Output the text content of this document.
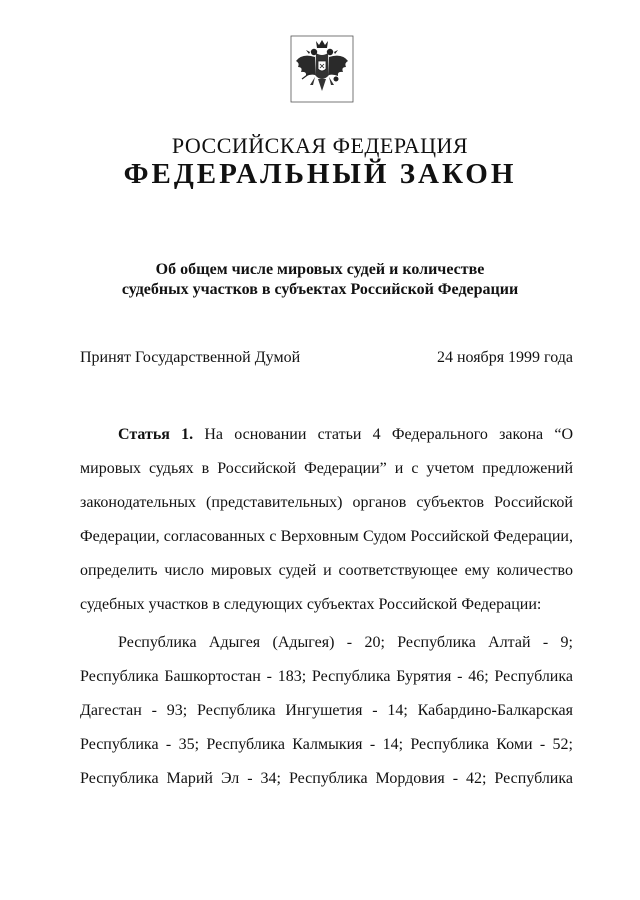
РОССИЙСКАЯ ФЕДЕРАЦИЯ
ФЕДЕРАЛЬНЫЙ ЗАКОН
Об общем числе мировых судей и количестве
судебных участков в субъектах Российской Федерации
Принят Государственной Думой	24 ноября 1999 года
Статья 1. На основании статьи 4 Федерального закона “О
мировых судьях в Российской Федерации” и с учетом предложений
законодательных (представительных) органов субъектов Российской
Федерации, согласованных с Верховным Судом Российской Федерации,
определить число мировых судей и соответствующее ему количество
судебных участков в следующих субъектах Российской Федерации:
Республика Адыгея (Адыгея) - 20; Республика Алтай - 9;
Республика Башкортостан - 183; Республика Бурятия - 46; Республика
Дагестан - 93; Республика Ингушетия - 14; Кабардино-Балкарская
Республика - 35; Республика Калмыкия - 14; Республика Коми - 52;
Республика Марий Эл - 34; Республика Мордовия - 42; Республика
